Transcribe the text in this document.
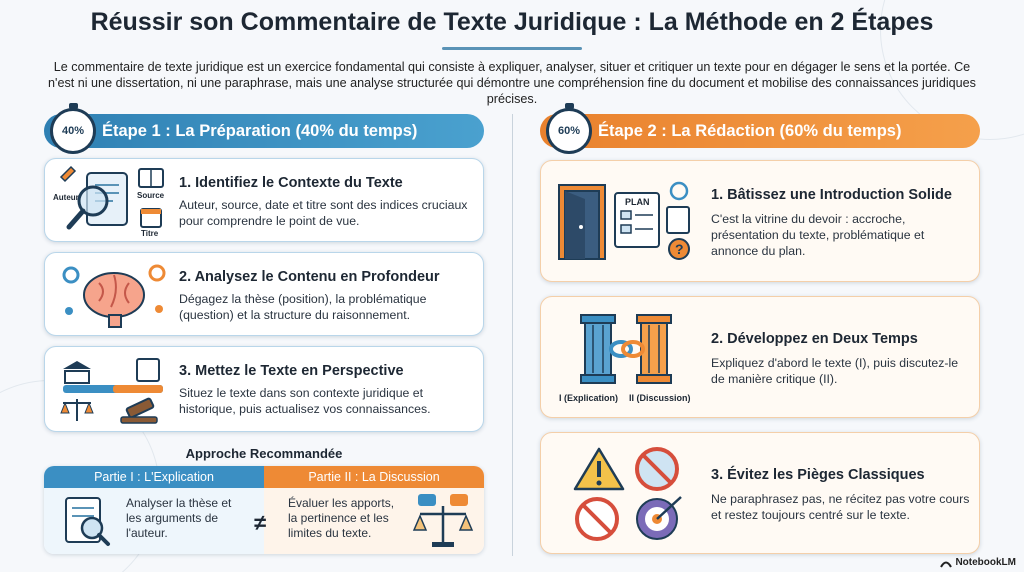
Réussir son Commentaire de Texte Juridique : La Méthode en 2 Étapes
Le commentaire de texte juridique est un exercice fondamental qui consiste à expliquer, analyser, situer et critiquer un texte pour en dégager le sens et la portée. Ce n'est ni une dissertation, ni une paraphrase, mais une analyse structurée qui démontre une compréhension fine du document et mobilise des connaissances juridiques précises.
Étape 1 : La Préparation (40% du temps)
40%
Auteur	Source
Titre
1. Identifiez le Contexte du Texte
Auteur, source, date et titre sont des indices cruciaux pour comprendre le point de vue.
2. Analysez le Contenu en Profondeur
Dégagez la thèse (position), la problématique (question) et la structure du raisonnement.
3. Mettez le Texte en Perspective
Situez le texte dans son contexte juridique et historique, puis actualisez vos connaissances.
Approche Recommandée
Partie I : L'Explication	Partie II : La Discussion
Analyser la thèse et les arguments de l'auteur.
Évaluer les apports, la pertinence et les limites du texte.
≠
Étape 2 : La Rédaction (60% du temps)
60%
?
PLAN	1. Bâtissez une Introduction Solide
C'est la vitrine du devoir : accroche, présentation du texte, problématique et annonce du plan.
I (Explication) II (Discussion)
2. Développez en Deux Temps
Expliquez d'abord le texte (I), puis discutez-le de manière critique (II).
3. Évitez les Pièges Classiques
Ne paraphrasez pas, ne récitez pas votre cours et restez toujours centré sur le texte.
NotebookLM
